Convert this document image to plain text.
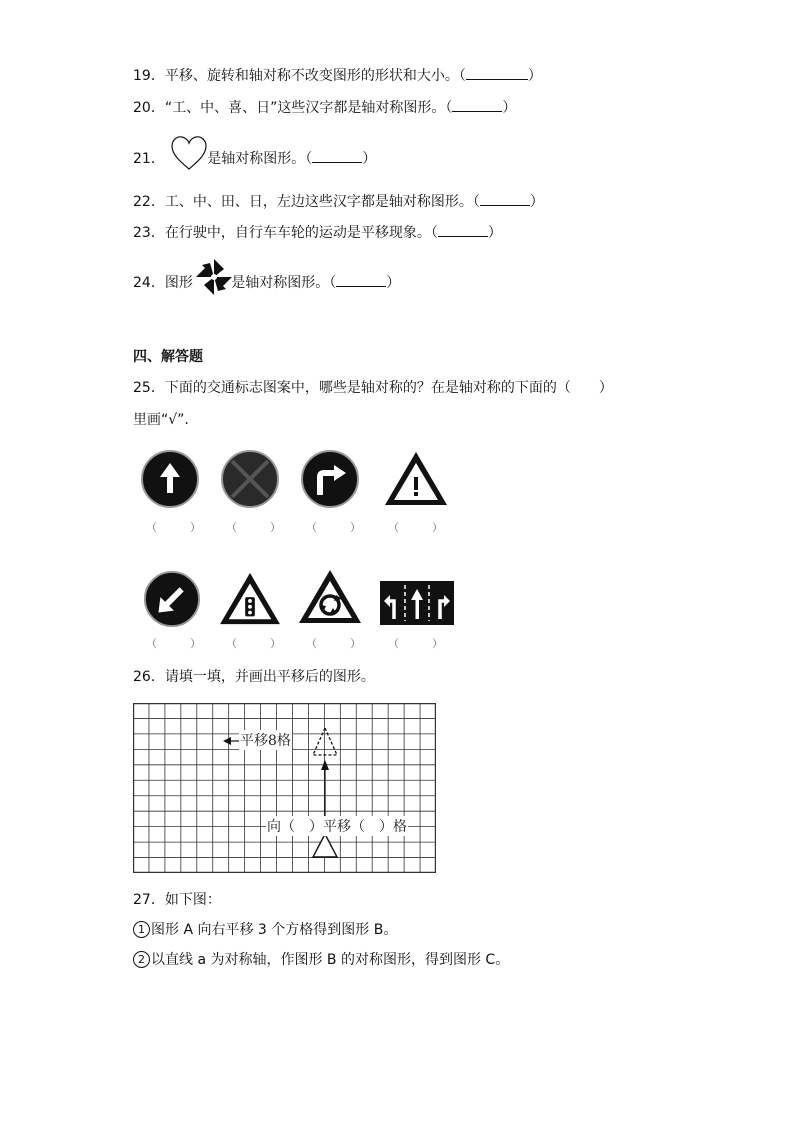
19．平移、旋转和轴对称不改变图形的形状和大小。（	）
20．“工、中、喜、日”这些汉字都是轴对称图形。（	）
21．	是轴对称图形。（	）
22．工、中、田、日，左边这些汉字都是轴对称图形。（	）
23．在行驶中，自行车车轮的运动是平移现象。（	）
24．图形	是轴对称图形。（	）
四、解答题
25．下面的交通标志图案中，哪些是轴对称的？在是轴对称的下面的（　　）
里画“√”.
（　　　） （　　　） （　　　） （　　　）
（　　　） （　　　） （　　　） （　　　）
26．请填一填，并画出平移后的图形。
平移8格
向（　）平移（　）格
27．如下图：
1 图形 A 向右平移 3 个方格得到图形 B。
2 以直线 a 为对称轴，作图形 B 的对称图形，得到图形 C。
